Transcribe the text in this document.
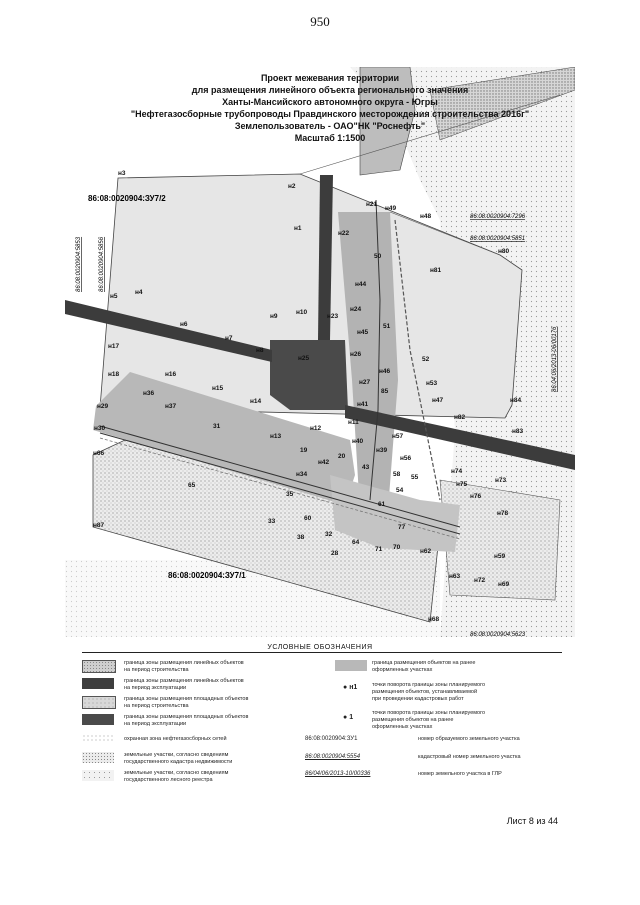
950
н3
н2
н1
н21
н49
н48
н22
н81
н80
н5
н4
н44
н9
н10
н23
н24
н6
н7
н45
н17
н8
н25
н26
н18	н16	н46
н27	н53
н15
н36
н84
н14	н41
н47
н29	н37
н82
н11
н12
н30	н83
н13	н57
н40
н39
н66
н56
н42
н74
н34
н73
н75
н76
н78
н87
н62
н59
н63
н72
н69
н68
50
51
52
85
31
19
20
43
58 55
54
65
35
61
60
33
77
38	32
64
70
71
28
86:08:0020904:ЗУ7/2
86:08:0020904:ЗУ7/1
86:08:0020904:7296
86:08:0020904:5851
86:08:0020904:5623
86:08:0020904:5853	86:08:0020904:5856
86:04:06/2013-06/00176
Проект межевания территории
для размещения линейного объекта регионального значения
Ханты-Мансийского автономного округа - Югры
"Нефтегазосборные трубопроводы Правдинского месторождения строительства 2016г"
Землепользователь - ОАО"НК "Роснефть"
Масштаб 1:1500
УСЛОВНЫЕ ОБОЗНАЧЕНИЯ
граница зоны размещения линейных объектов
на период строительства
граница зоны размещения линейных объектов
на период эксплуатации
граница зоны размещения площадных объектов
на период строительства
граница зоны размещения площадных объектов
на период эксплуатации
охранная зона нефтегазосборных сетей
земельные участки, согласно сведениям
государственного кадастра недвижимости
земельные участки, согласно сведениям
государственного лесного реестра
граница размещения объектов на ранее
оформленных участках
● н1	точки поворота границы зоны планируемого
размещения объектов, устанавливаемой
при проведении кадастровых работ
● 1
точки поворота границы зоны планируемого
размещения объектов на ранее
оформленных участках
86:08:0020904:ЗУ1	номер образуемого земельного участка
86:08:0020904:5554	кадастровый номер земельного участка
86/04/06/2013-10/00336	номер земельного участка в ГЛР
Лист 8 из 44
